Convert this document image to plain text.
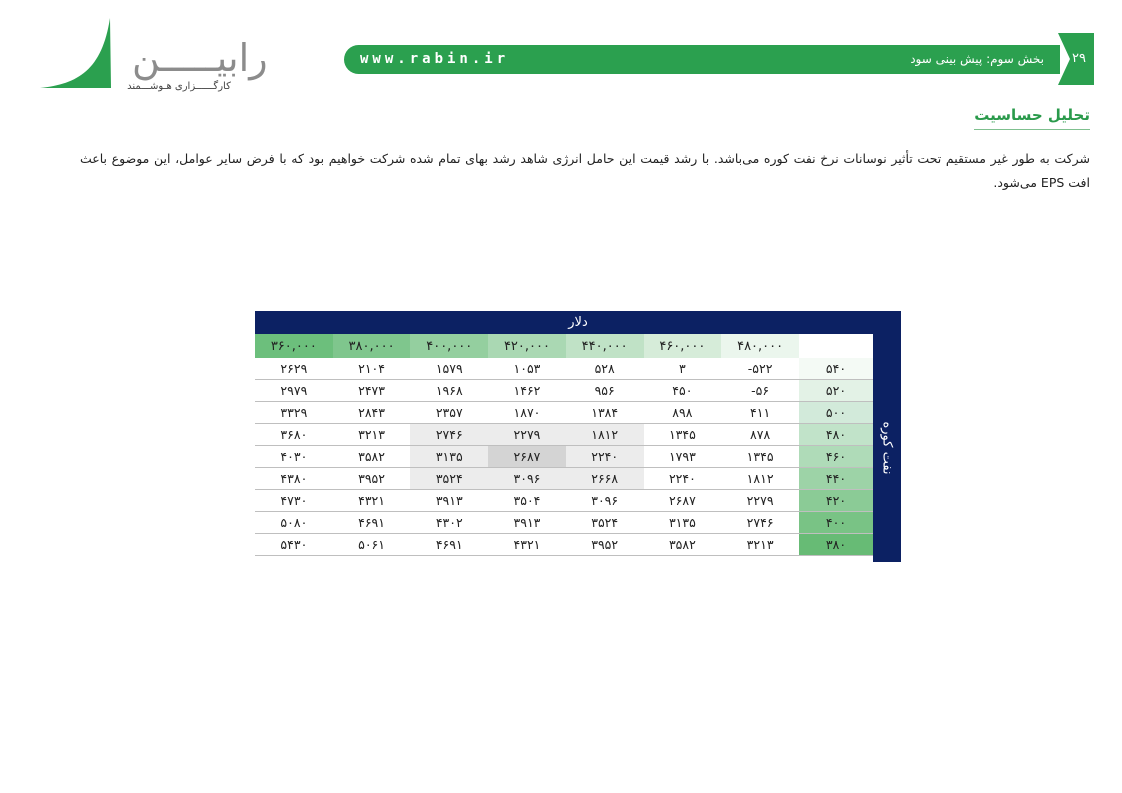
رابیـــــن
کارگــــــزاری هـوشـــمند
www.rabin.ir	بخش سوم: پیش بینی سود	۲۹
تحلیل حساسیت
شرکت به طور غیر مستقیم تحت تأثیر نوسانات نرخ نفت کوره می‌باشد. با رشد قیمت این حامل انرژی شاهد رشد بهای تمام شده شرکت خواهیم بود که با فرض سایر عوامل، این موضوع باعث افت EPS می‌شود.
دلار
نفت کوره
۳۶۰,۰۰۰	۳۸۰,۰۰۰	۴۰۰,۰۰۰	۴۲۰,۰۰۰	۴۴۰,۰۰۰	۴۶۰,۰۰۰	۴۸۰,۰۰۰	
۲۶۲۹	۲۱۰۴	۱۵۷۹	۱۰۵۳	۵۲۸	۳	-۵۲۲	۵۴۰
۲۹۷۹	۲۴۷۳	۱۹۶۸	۱۴۶۲	۹۵۶	۴۵۰	-۵۶	۵۲۰
۳۳۲۹	۲۸۴۳	۲۳۵۷	۱۸۷۰	۱۳۸۴	۸۹۸	۴۱۱	۵۰۰
۳۶۸۰	۳۲۱۳	۲۷۴۶	۲۲۷۹	۱۸۱۲	۱۳۴۵	۸۷۸	۴۸۰
۴۰۳۰	۳۵۸۲	۳۱۳۵	۲۶۸۷	۲۲۴۰	۱۷۹۳	۱۳۴۵	۴۶۰
۴۳۸۰	۳۹۵۲	۳۵۲۴	۳۰۹۶	۲۶۶۸	۲۲۴۰	۱۸۱۲	۴۴۰
۴۷۳۰	۴۳۲۱	۳۹۱۳	۳۵۰۴	۳۰۹۶	۲۶۸۷	۲۲۷۹	۴۲۰
۵۰۸۰	۴۶۹۱	۴۳۰۲	۳۹۱۳	۳۵۲۴	۳۱۳۵	۲۷۴۶	۴۰۰
۵۴۳۰	۵۰۶۱	۴۶۹۱	۴۳۲۱	۳۹۵۲	۳۵۸۲	۳۲۱۳	۳۸۰
